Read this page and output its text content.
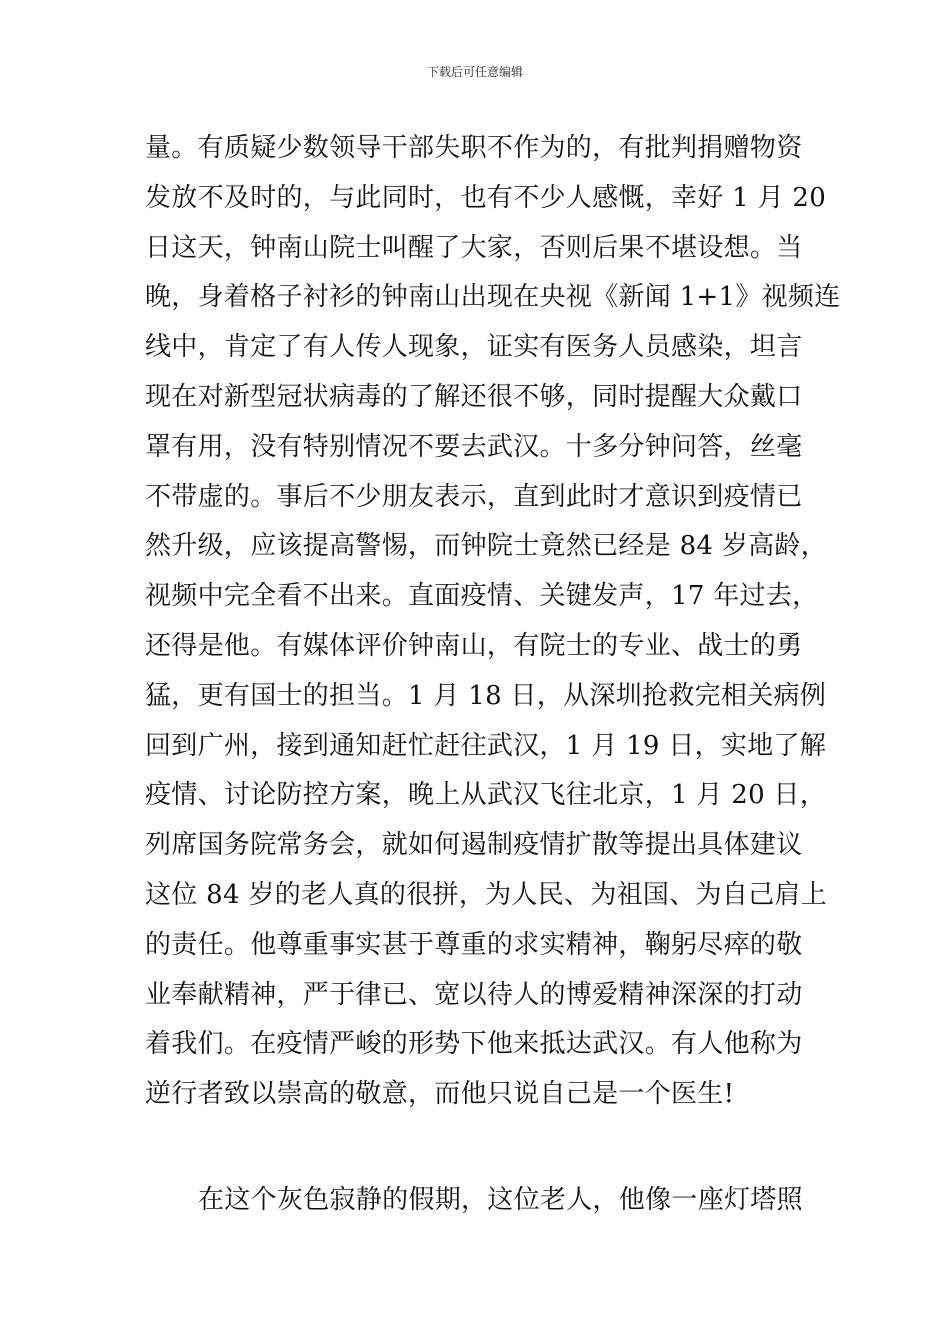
下载后可任意编辑
量。有质疑少数领导干部失职不作为的，有批判捐赠物资
发放不及时的，与此同时，也有不少人感慨，幸好 1 月 20
日这天，钟南山院士叫醒了大家，否则后果不堪设想。当
晚，身着格子衬衫的钟南山出现在央视《新闻 1+1》视频连
线中，肯定了有人传人现象，证实有医务人员感染，坦言
现在对新型冠状病毒的了解还很不够，同时提醒大众戴口
罩有用，没有特别情况不要去武汉。十多分钟问答，丝毫
不带虚的。事后不少朋友表示，直到此时才意识到疫情已
然升级，应该提高警惕，而钟院士竟然已经是 84 岁高龄，
视频中完全看不出来。直面疫情、关键发声，17 年过去，
还得是他。有媒体评价钟南山，有院士的专业、战士的勇
猛，更有国士的担当。1 月 18 日，从深圳抢救完相关病例
回到广州，接到通知赶忙赶往武汉，1 月 19 日，实地了解
疫情、讨论防控方案，晚上从武汉飞往北京，1 月 20 日，
列席国务院常务会，就如何遏制疫情扩散等提出具体建议
这位 84 岁的老人真的很拼，为人民、为祖国、为自己肩上
的责任。他尊重事实甚于尊重的求实精神，鞠躬尽瘁的敬
业奉献精神，严于律已、宽以待人的博爱精神深深的打动
着我们。在疫情严峻的形势下他来抵达武汉。有人他称为
逆行者致以崇高的敬意，而他只说自己是一个医生!
在这个灰色寂静的假期，这位老人，他像一座灯塔照
